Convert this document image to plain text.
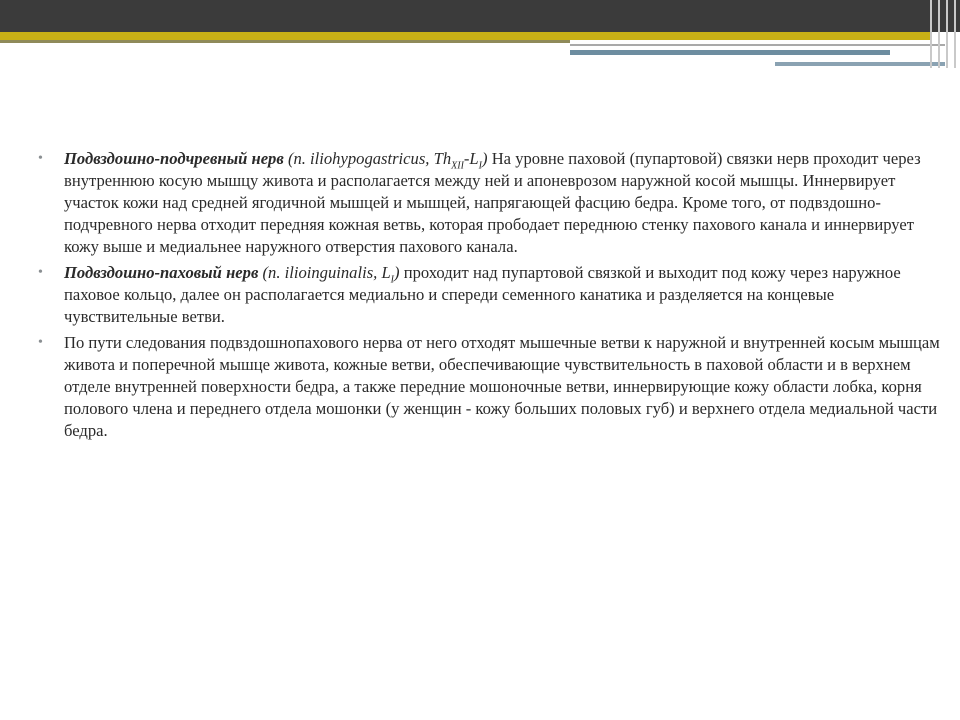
• Подвздошно-подчревный нерв (n. iliohypogastricus, $Th_{XII}-L_I$) На уровне паховой (пупартовой) связки нерв проходит через внутреннюю косую мышцу живота и располагается между ней и апоневрозом наружной косой мышцы. Иннервирует участок кожи над средней ягодичной мышцей и мышцей, напрягающей фасцию бедра. Кроме того, от подвздошно-подчревного нерва отходит передняя кожная ветвь, которая прободает переднюю стенку пахового канала и иннервирует кожу выше и медиальнее наружного отверстия пахового канала.
• Подвздошно-паховый нерв (n. ilioinguinalis, $L_I$) проходит над пупартовой связкой и выходит под кожу через наружное паховое кольцо, далее он располагается медиально и спереди семенного канатика и разделяется на концевые чувствительные ветви.
• По пути следования подвздошнопахового нерва от него отходят мышечные ветви к наружной и внутренней косым мышцам живота и поперечной мышце живота, кожные ветви, обеспечивающие чувствительность в паховой области и в верхнем отделе внутренней поверхности бедра, а также передние мошоночные ветви, иннервирующие кожу области лобка, корня полового члена и переднего отдела мошонки (у женщин - кожу больших половых губ) и верхнего отдела медиальной части бедра.
